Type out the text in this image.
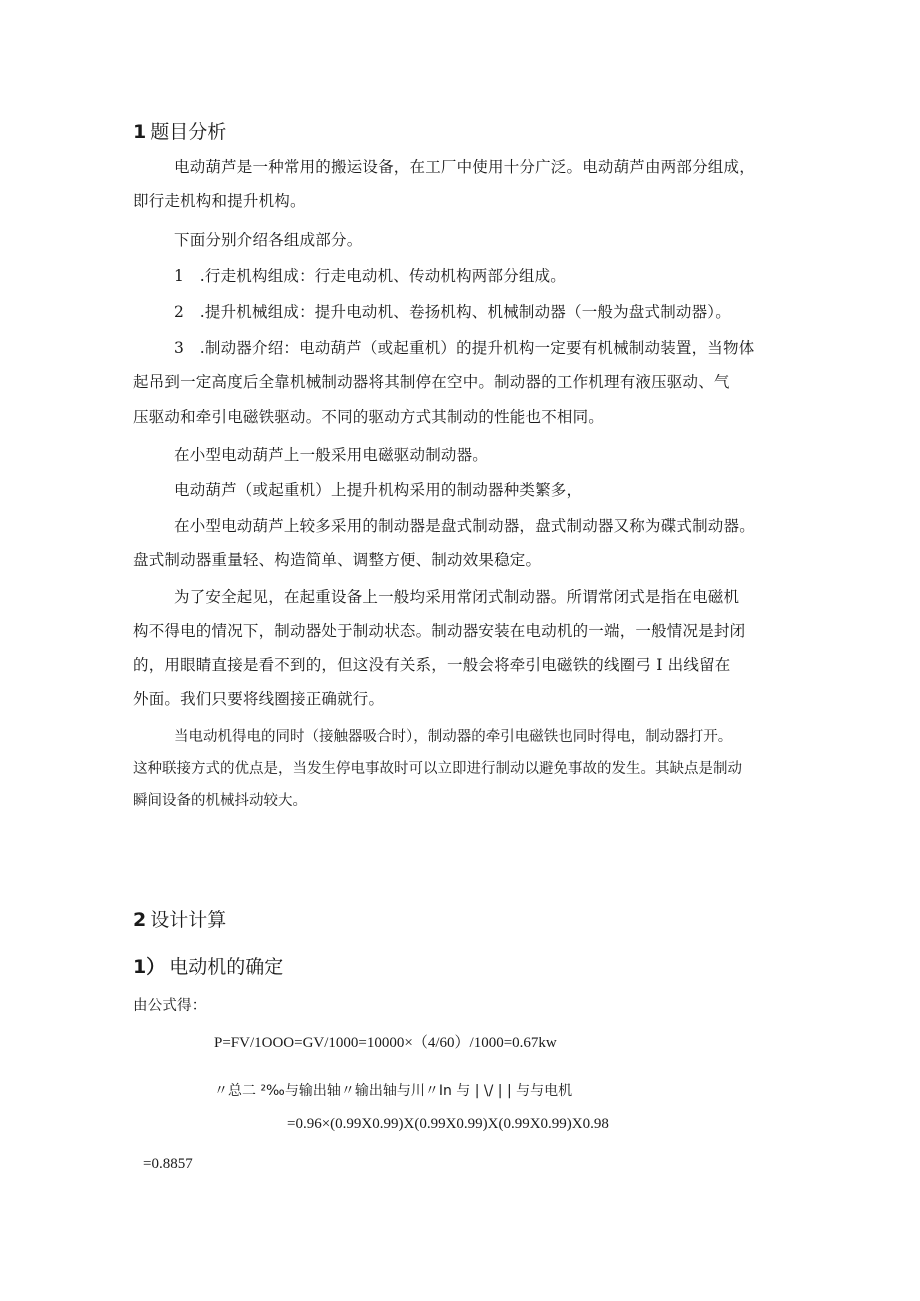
1 题目分析
电动葫芦是一种常用的搬运设备，在工厂中使用十分广泛。电动葫芦由两部分组成，
即行走机构和提升机构。
下面分别介绍各组成部分。
1　.行走机构组成：行走电动机、传动机构两部分组成。
2　.提升机械组成：提升电动机、卷扬机构、机械制动器（一般为盘式制动器）。
3　.制动器介绍：电动葫芦（或起重机）的提升机构一定要有机械制动装置，当物体
起吊到一定高度后全靠机械制动器将其制停在空中。制动器的工作机理有液压驱动、气
压驱动和牵引电磁铁驱动。不同的驱动方式其制动的性能也不相同。
在小型电动葫芦上一般采用电磁驱动制动器。
电动葫芦（或起重机）上提升机构采用的制动器种类繁多，
在小型电动葫芦上较多采用的制动器是盘式制动器，盘式制动器又称为碟式制动器。
盘式制动器重量轻、构造简单、调整方便、制动效果稳定。
为了安全起见，在起重设备上一般均采用常闭式制动器。所谓常闭式是指在电磁机
构不得电的情况下，制动器处于制动状态。制动器安装在电动机的一端，一般情况是封闭
的，用眼睛直接是看不到的，但这没有关系，一般会将牵引电磁铁的线圈弓 I 出线留在
外面。我们只要将线圈接正确就行。
当电动机得电的同时（接触器吸合时），制动器的牵引电磁铁也同时得电，制动器打开。
这种联接方式的优点是，当发生停电事故时可以立即进行制动以避免事故的发生。其缺点是制动
瞬间设备的机械抖动较大。
2 设计计算
1） 电动机的确定
由公式得：
P=FV/1OOO=GV/1000=10000×（4/60）/1000=0.67kw
〃总二 ²‰与输出轴〃输出轴与川〃In 与 | \/ | | 与与电机
=0.96×(0.99X0.99)X(0.99X0.99)X(0.99X0.99)X0.98
=0.8857
